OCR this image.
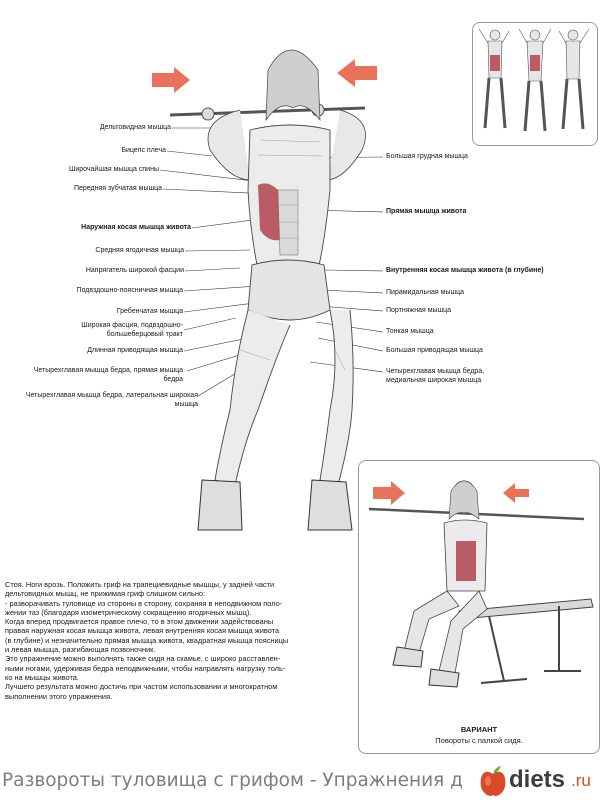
Дельтовидная мышца
Бицепс плеча
Широчайшая мышца спины
Передняя зубчатая мышца
Наружная косая мышца живота
Средняя ягодичная мышца
Напрягатель широкой фасции
Подвздошно-поясничная мышца
Гребенчатая мышца
Широкая фасция, подвздошно-
большеберцовый тракт
Длинная приводящая мышца
Четырехглавая мышца бедра, прямая мышца
бедра
Четырехглавая мышца бедра, латеральная широкая
мышца
Большая грудная мышца
Прямая мышца живота
Внутренняя косая мышца живота (в глубине)
Пирамидальная мышца
Портняжная мышца
Тонкая мышца
Большая приводящая мышца
Четырехглавая мышца бедра,
медиальная широкая мышца
ВАРИАНТ
Повороты с палкой сидя.

Стоя. Ноги врозь. Положить гриф на трапециевидные мышцы, у задней части

дельтовидных мышц, не прижимая гриф слишком сильно:

- разворачивать туловище из стороны в сторону, сохраняя в неподвижном поло-

жении таз (благодаря изометрическому сокращению ягодичных мышц).

Когда вперед продвигается правое плечо, то в этом движении задействованы

правая наружная косая мышца живота, левая внутренняя косая мышца живота

(в глубине) и незначительно прямая мышца живота, квадратная мышца поясницы

и левая мышца, разгибающая позвоночник.

Это упражнение можно выполнять также сидя на скамье, с широко расставлен-

ными ногами, удерживая бедра неподвижными, чтобы направлять нагрузку толь-

ко на мышцы живота.

Лучшего результата можно достичь при частом использовании и многократном

выполнении этого упражнения.

Развороты туловища с грифом - Упражнения д diets .ru
